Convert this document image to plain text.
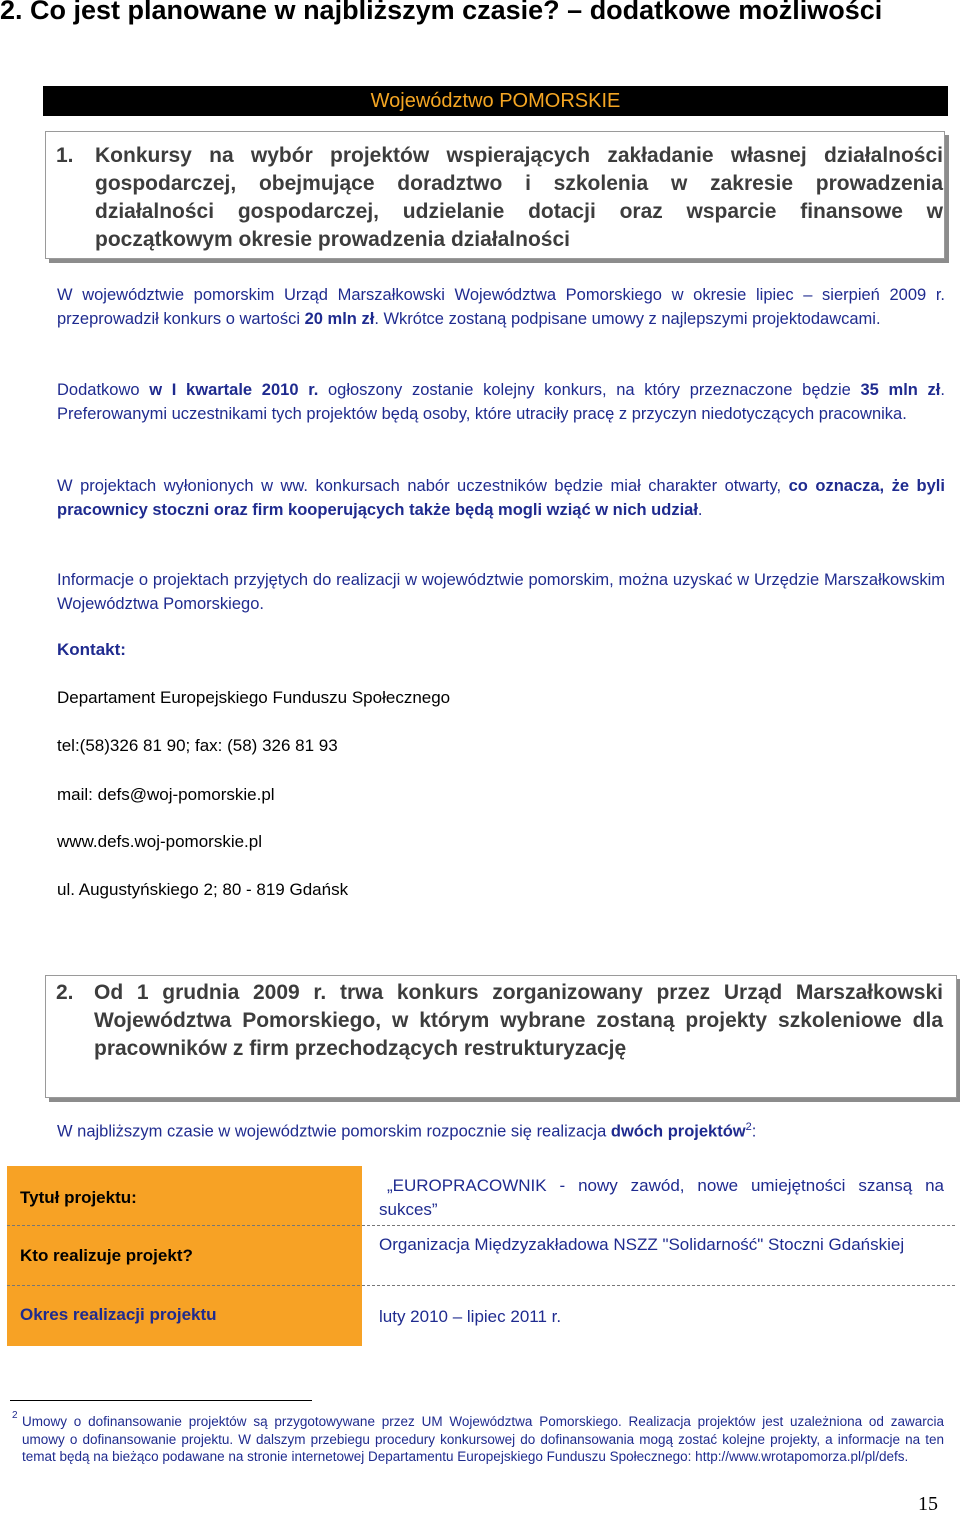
2. Co jest planowane w najbliższym czasie? – dodatkowe możliwości
Województwo POMORSKIE
1. Konkursy na wybór projektów wspierających zakładanie własnej działalności gospodarczej, obejmujące doradztwo i szkolenia w zakresie prowadzenia działalności gospodarczej, udzielanie dotacji oraz wsparcie finansowe w początkowym okresie prowadzenia działalności
W województwie pomorskim Urząd Marszałkowski Województwa Pomorskiego w okresie lipiec – sierpień 2009 r. przeprowadził konkurs o wartości 20 mln zł. Wkrótce zostaną podpisane umowy z najlepszymi projektodawcami.
Dodatkowo w I kwartale 2010 r. ogłoszony zostanie kolejny konkurs, na który przeznaczone będzie 35 mln zł. Preferowanymi uczestnikami tych projektów będą osoby, które utraciły pracę z przyczyn niedotyczących pracownika.
W projektach wyłonionych w ww. konkursach nabór uczestników będzie miał charakter otwarty, co oznacza, że byli pracownicy stoczni oraz firm kooperujących także będą mogli wziąć w nich udział.
Informacje o projektach przyjętych do realizacji w województwie pomorskim, można uzyskać w Urzędzie Marszałkowskim Województwa Pomorskiego.
Kontakt:
Departament Europejskiego Funduszu Społecznego
tel:(58)326 81 90; fax: (58) 326 81 93
mail: defs@woj-pomorskie.pl
www.defs.woj-pomorskie.pl
ul. Augustyńskiego 2; 80 - 819 Gdańsk
2. Od 1 grudnia 2009 r. trwa konkurs zorganizowany przez Urząd Marszałkowski Województwa Pomorskiego, w którym wybrane zostaną projekty szkoleniowe dla pracowników z firm przechodzących restrukturyzację
W najbliższym czasie w województwie pomorskim rozpocznie się realizacja dwóch projektów$^2$:
Tytuł projektu:
„EUROPRACOWNIK - nowy zawód, nowe umiejętności szansą na sukces”
Kto realizuje projekt?
Organizacja Międzyzakładowa NSZZ "Solidarność" Stoczni Gdańskiej
Okres realizacji projektu	luty 2010 – lipiec 2011 r.
2 Umowy o dofinansowanie projektów są przygotowywane przez UM Województwa Pomorskiego. Realizacja projektów jest uzależniona od zawarcia umowy o dofinansowanie projektu. W dalszym przebiegu procedury konkursowej do dofinansowania mogą zostać kolejne projekty, a informacje na ten temat będą na bieżąco podawane na stronie internetowej Departamentu Europejskiego Funduszu Społecznego: http://www.wrotapomorza.pl/pl/defs.
15
